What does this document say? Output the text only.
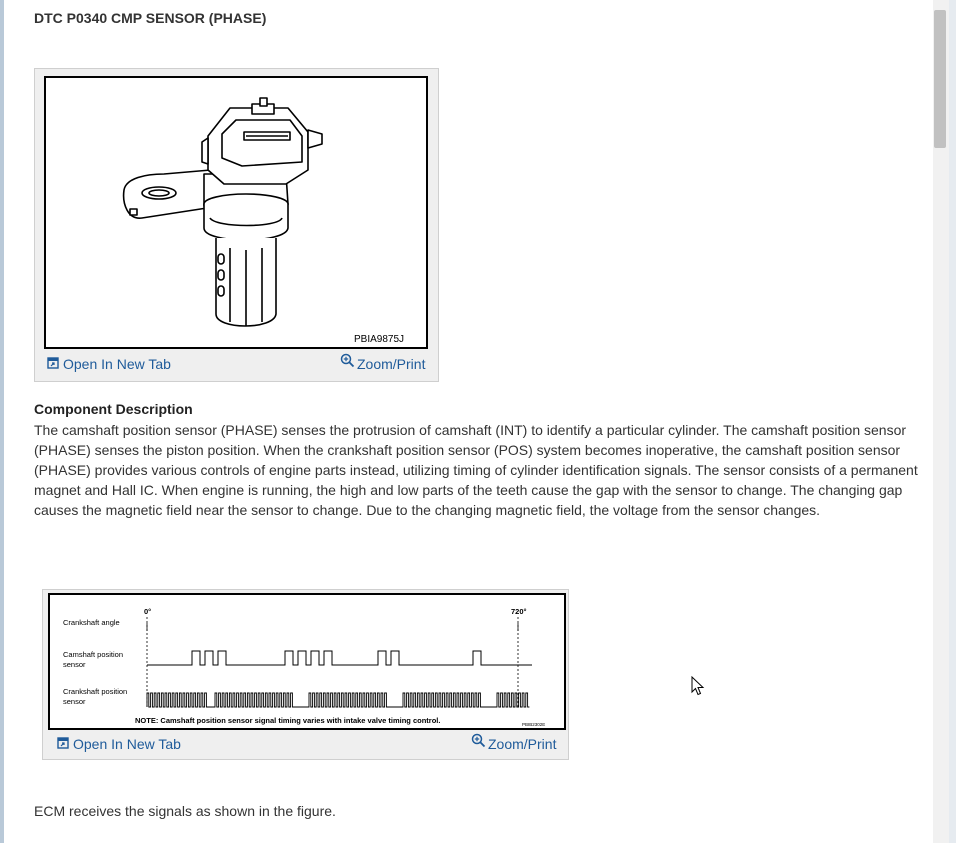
DTC P0340 CMP SENSOR (PHASE)
PBIA9875J
Open In New Tab	Zoom/Print
Component Description
The camshaft position sensor (PHASE) senses the protrusion of camshaft (INT) to identify a particular cylinder. The camshaft position sensor (PHASE) senses the piston position. When the crankshaft position sensor (POS) system becomes inoperative, the camshaft position sensor (PHASE) provides various controls of engine parts instead, utilizing timing of cylinder identification signals. The sensor consists of a permanent magnet and Hall IC. When engine is running, the high and low parts of the teeth cause the gap with the sensor to change. The changing gap causes the magnetic field near the sensor to change. Due to the changing magnetic field, the voltage from the sensor changes.
0°	720°
Crankshaft angle
Camshaft position
sensor
Crankshaft position
sensor
NOTE: Camshaft position sensor signal timing varies with intake valve timing control.	PBIB2302E
Open In New Tab	Zoom/Print
ECM receives the signals as shown in the figure.
